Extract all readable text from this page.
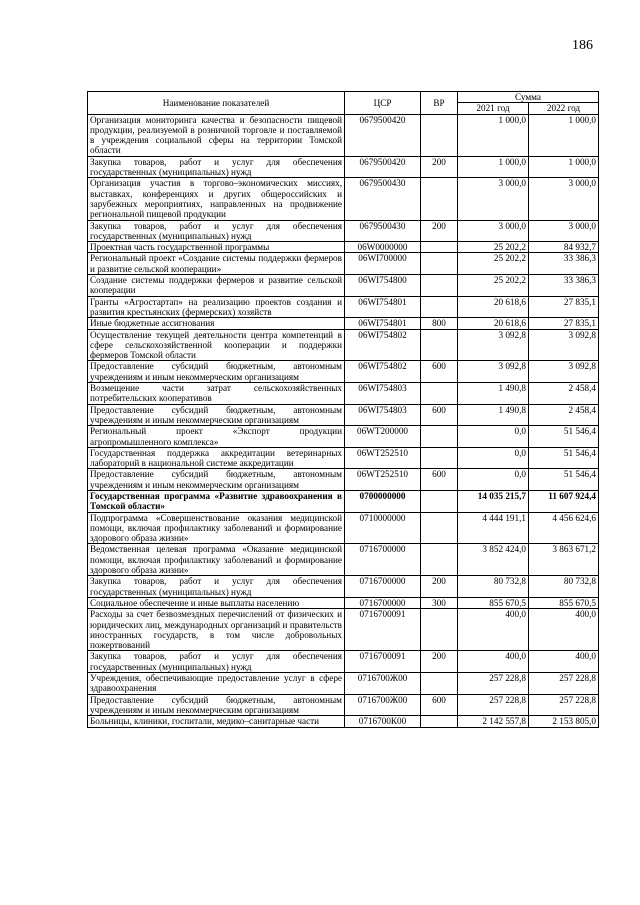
186
Наименование показателей	ЦСР	ВР	Сумма	
			2021 год	2022 год
Организация мониторинга качества и безопасности пищевой продукции, реализуемой в розничной торговле и поставляемой в учреждения социальной сферы на территории Томской области	0679500420		1 000,0	1 000,0
Закупка товаров, работ и услуг для обеспечения государственных (муниципальных) нужд	0679500420	200	1 000,0	1 000,0
Организация участия в торгово–экономических миссиях, выставках, конференциях и других общероссийских и зарубежных мероприятиях, направленных на продвижение региональной пищевой продукции	0679500430		3 000,0	3 000,0
Закупка товаров, работ и услуг для обеспечения государственных (муниципальных) нужд	0679500430	200	3 000,0	3 000,0
Проектная часть государственной программы	06W0000000		25 202,2	84 932,7
Региональный проект «Создание системы поддержки фермеров и развитие сельской кооперации»	06WI700000		25 202,2	33 386,3
Создание системы поддержки фермеров и развитие сельской кооперации	06WI754800		25 202,2	33 386,3
Гранты «Агростартап» на реализацию проектов создания и развития крестьянских (фермерских) хозяйств	06WI754801		20 618,6	27 835,1
Иные бюджетные ассигнования	06WI754801	800	20 618,6	27 835,1
Осуществление текущей деятельности центра компетенций в сфере сельскохозяйственной кооперации и поддержки фермеров Томской области	06WI754802		3 092,8	3 092,8
Предоставление субсидий бюджетным, автономным учреждениям и иным некоммерческим организациям	06WI754802	600	3 092,8	3 092,8
Возмещение части затрат сельскохозяйственных потребительских кооперативов	06WI754803		1 490,8	2 458,4
Предоставление субсидий бюджетным, автономным учреждениям и иным некоммерческим организациям	06WI754803	600	1 490,8	2 458,4
Региональный проект «Экспорт продукции агропромышленного комплекса»	06WT200000		0,0	51 546,4
Государственная поддержка аккредитации ветеринарных лабораторий в национальной системе аккредитации	06WT252510		0,0	51 546,4
Предоставление субсидий бюджетным, автономным учреждениям и иным некоммерческим организациям	06WT252510	600	0,0	51 546,4
Государственная программа «Развитие здравоохранения в Томской области»	0700000000		14 035 215,7	11 607 924,4
Подпрограмма «Совершенствование оказания медицинской помощи, включая профилактику заболеваний и формирование здорового образа жизни»	0710000000		4 444 191,1	4 456 624,6
Ведомственная целевая программа «Оказание медицинской помощи, включая профилактику заболеваний и формирование здорового образа жизни»	0716700000		3 852 424,0	3 863 671,2
Закупка товаров, работ и услуг для обеспечения государственных (муниципальных) нужд	0716700000	200	80 732,8	80 732,8
Социальное обеспечение и иные выплаты населению	0716700000	300	855 670,5	855 670,5
Расходы за счет безвозмездных перечислений от физических и юридических лиц, международных организаций и правительств иностранных государств, в том числе добровольных пожертвований	0716700091		400,0	400,0
Закупка товаров, работ и услуг для обеспечения государственных (муниципальных) нужд	0716700091	200	400,0	400,0
Учреждения, обеспечивающие предоставление услуг в сфере здравоохранения	0716700Ж00		257 228,8	257 228,8
Предоставление субсидий бюджетным, автономным учреждениям и иным некоммерческим организациям	0716700Ж00	600	257 228,8	257 228,8
Больницы, клиники, госпитали, медико–санитарные части	0716700К00		2 142 557,8	2 153 805,0
